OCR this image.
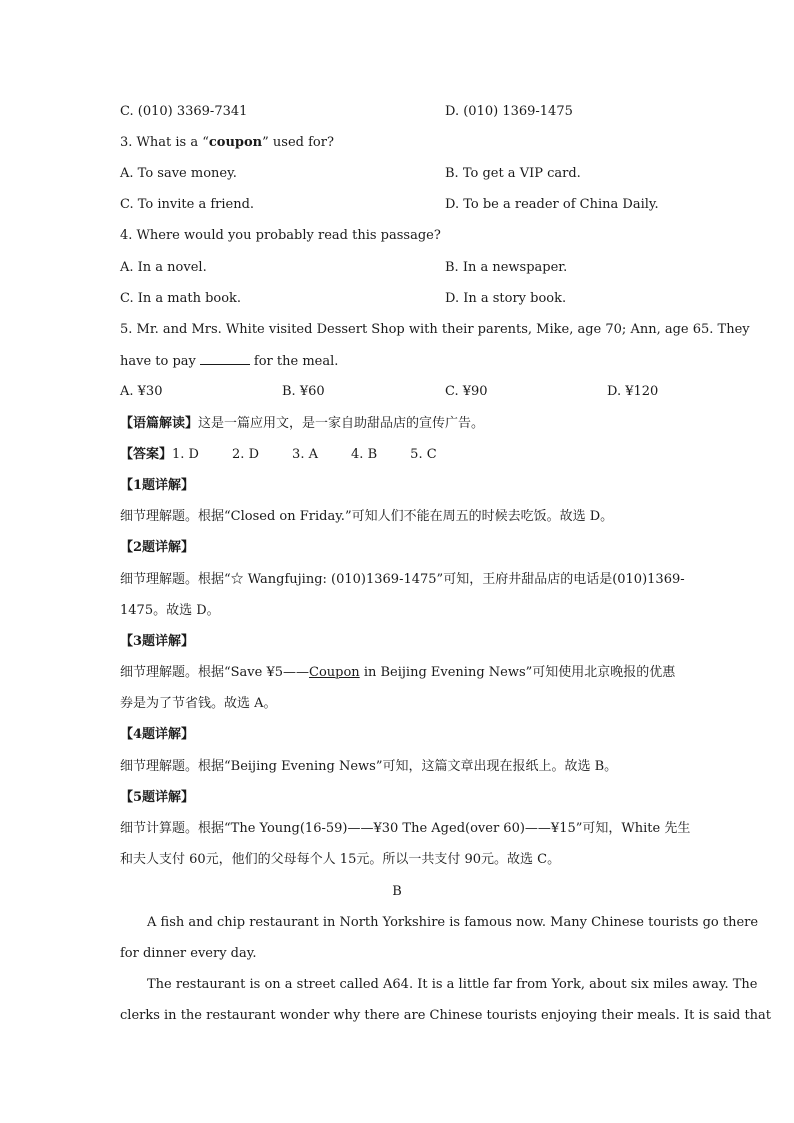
C. (010) 3369-7341	D. (010) 1369-1475
3. What is a “coupon” used for?
A. To save money.	B. To get a VIP card.
C. To invite a friend.	D. To be a reader of China Daily.
4. Where would you probably read this passage?
A. In a novel.	B. In a newspaper.
C. In a math book.	D. In a story book.
5. Mr. and Mrs. White visited Dessert Shop with their parents, Mike, age 70; Ann, age 65. They
have to pay	for the meal.
A. ¥30	B. ¥60	C. ¥90	D. ¥120
【语篇解读】这是一篇应用文，是一家自助甜品店的宣传广告。
【答案】1. D        2. D        3. A        4. B        5. C
【1题详解】
细节理解题。根据“Closed on Friday.”可知人们不能在周五的时候去吃饭。故选 D。
【2题详解】
细节理解题。根据“☆ Wangfujing: (010)1369-1475”可知，王府井甜品店的电话是(010)1369-
1475。故选 D。
【3题详解】
细节理解题。根据“Save ¥5——Coupon in Beijing Evening News”可知使用北京晚报的优惠
券是为了节省钱。故选 A。
【4题详解】
细节理解题。根据“Beijing Evening News”可知，这篇文章出现在报纸上。故选 B。
【5题详解】
细节计算题。根据“The Young(16-59)——¥30 The Aged(over 60)——¥15”可知，White 先生
和夫人支付 60元，他们的父母每个人 15元。所以一共支付 90元。故选 C。
B
A fish and chip restaurant in North Yorkshire is famous now. Many Chinese tourists go there
for dinner every day.
The restaurant is on a street called A64. It is a little far from York, about six miles away. The
clerks in the restaurant wonder why there are Chinese tourists enjoying their meals. It is said that
